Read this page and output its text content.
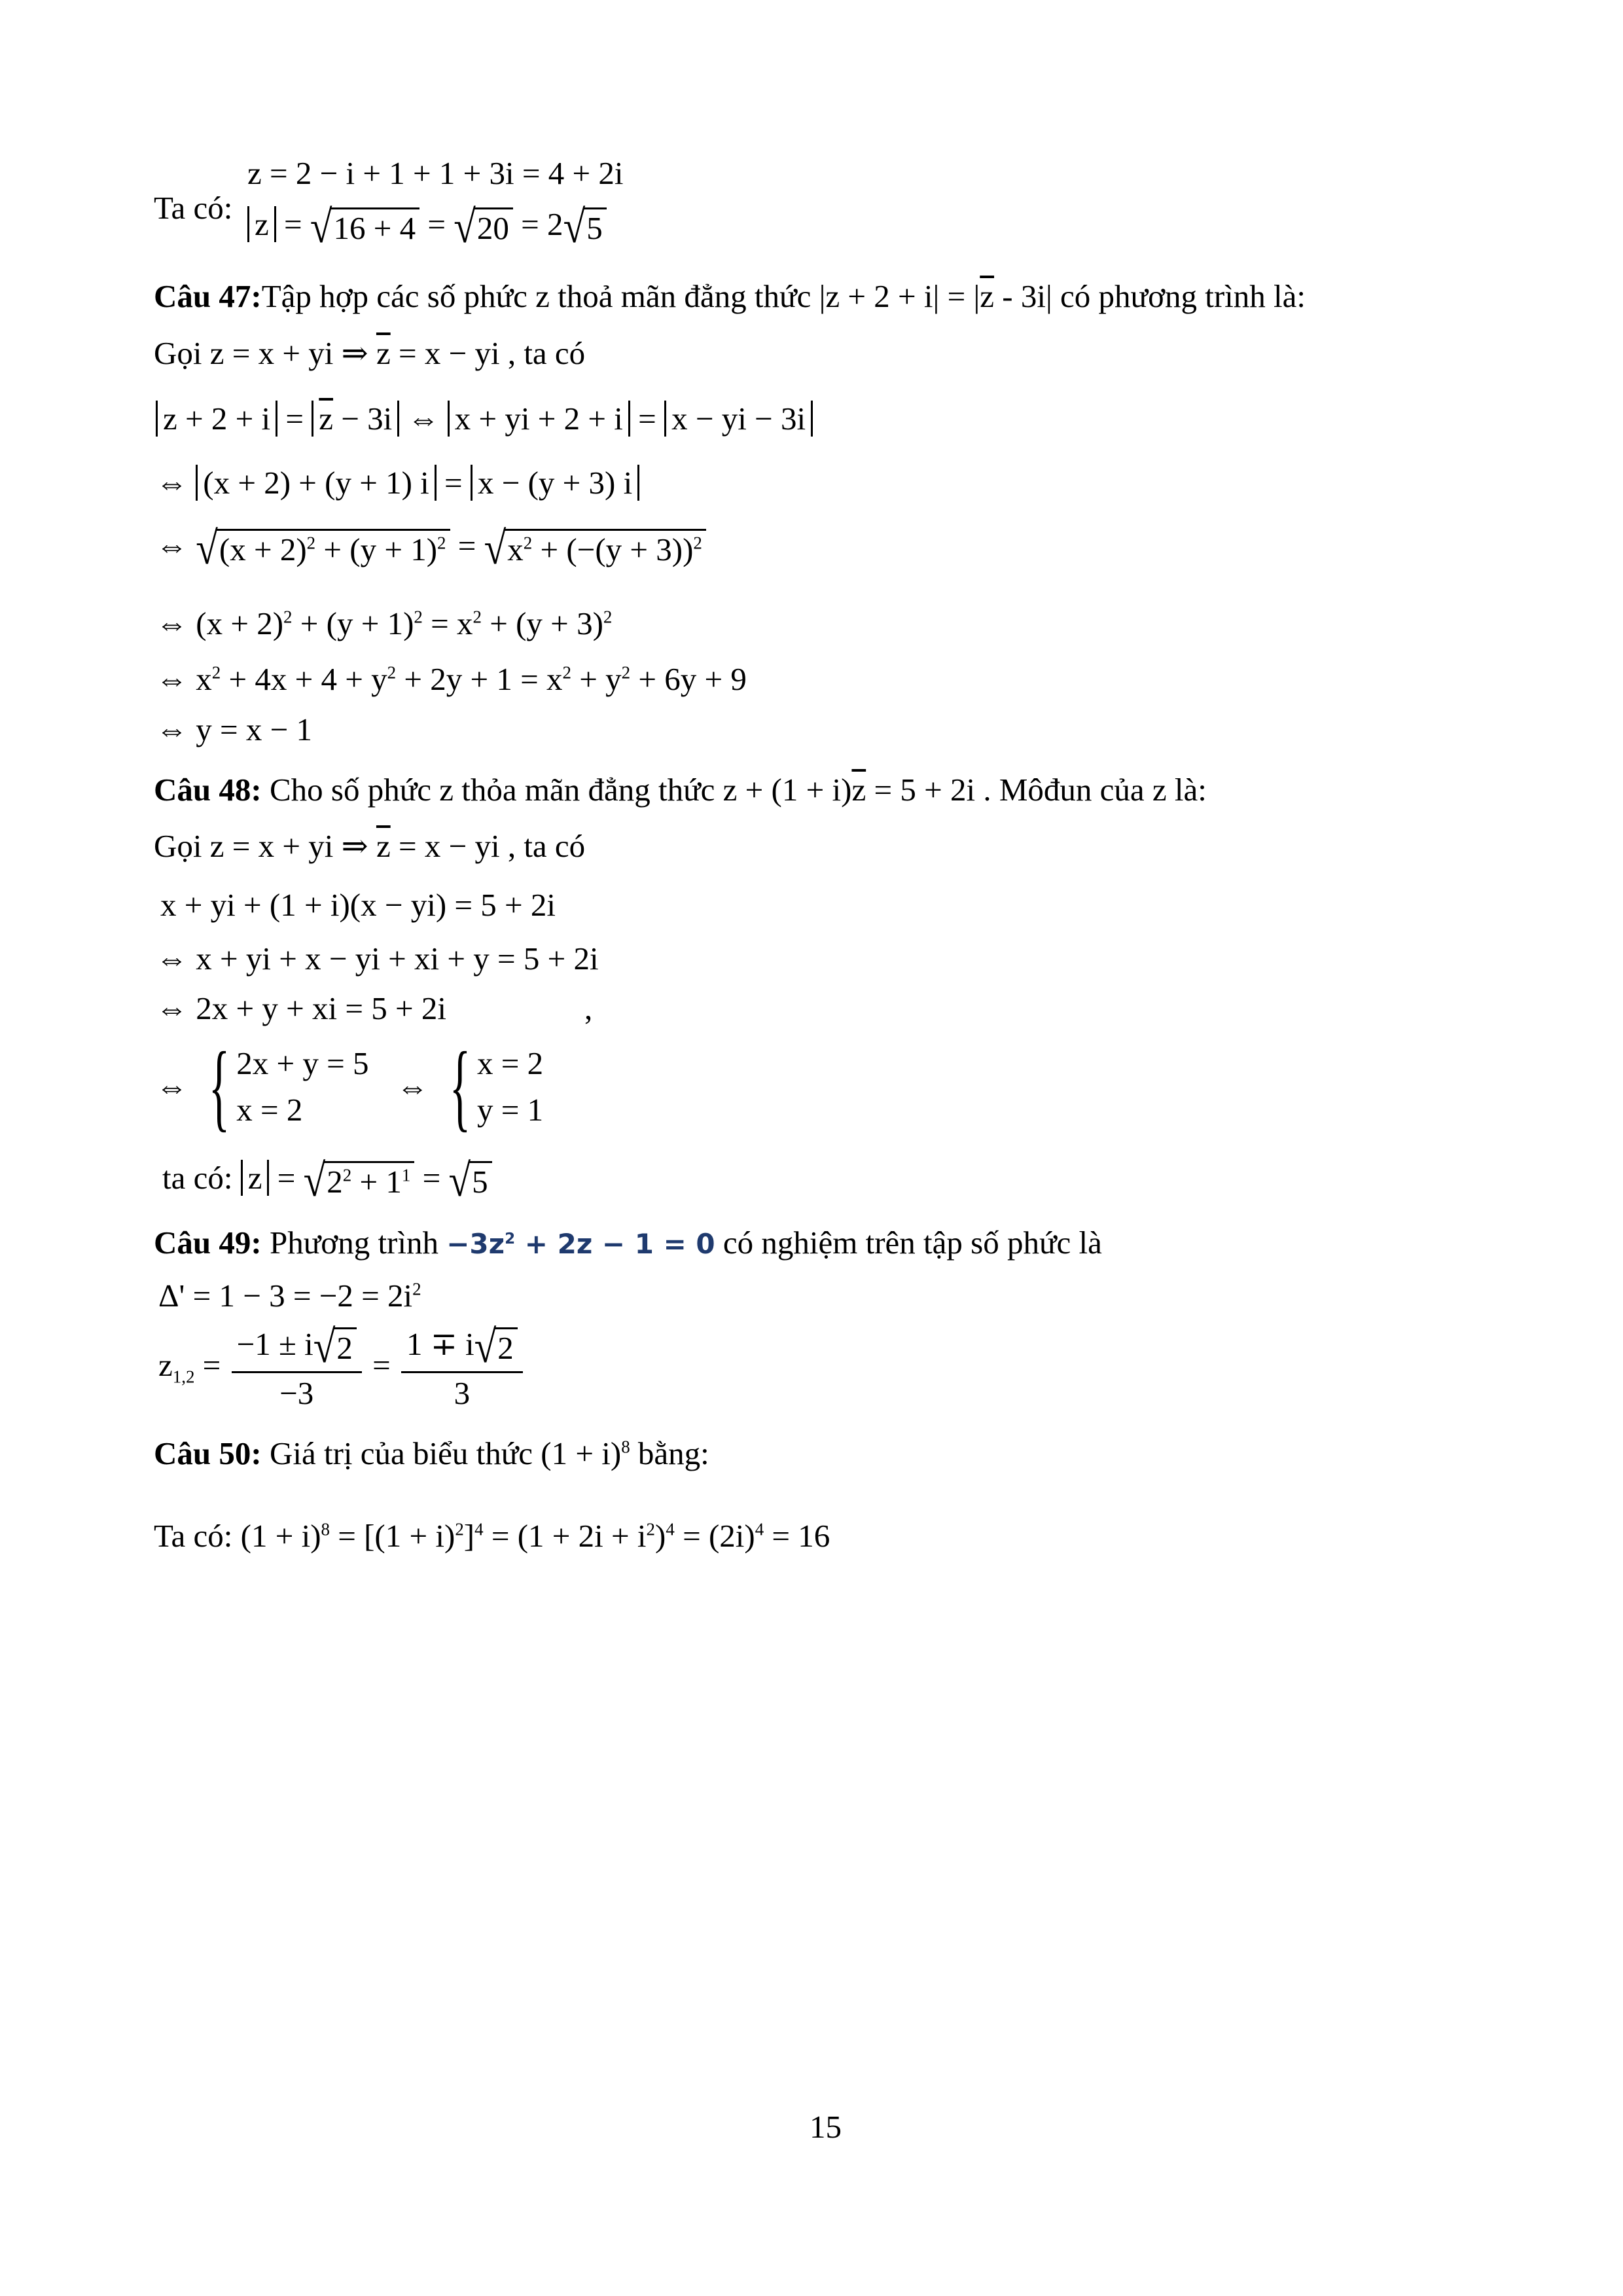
Ta có:
z = 2 − i + 1 + 1 + 3i = 4 + 2i
z = √ 16 + 4 = √ 20 = 2 √ 5
Câu 47:Tập hợp các số phức z thoả mãn đẳng thức $|z + 2 + i| = |\overline{z} - 3i|$ có phương trình là:
Gọi z = x + yi ⇒ $\overline{z} = x$ − yi , ta có
$z + 2 + i = \overline{z} - 3i$ ⇔ x + yi + 2 + i = x − yi − 3i
⇔ (x + 2) + (y + 1) i = x − (y + 3) i
⇔ √ $(x + 2)^2 + (y + 1)^2$ = √ $x^2 + (-(y + 3))^2$
⇔ $(x + 2)^2 + (y + 1)^2 = x^2 + (y + 3)^2$
⇔ $x^2 + 4x + 4 + y^2 + 2y + 1 = x^2 + y^2 + 6y + 9$
⇔ y = x − 1
Câu 48: Cho số phức z thỏa mãn đẳng thức $z + (1 + i)\overline{z} = 5 + 2i$ . Môđun của z là:
Gọi z = x + yi ⇒ $\overline{z} = x$ − yi , ta có
x + yi + (1 + i)(x − yi) = 5 + 2i
⇔ x + yi + x − yi + xi + y = 5 + 2i
⇔ 2x + y + xi = 5 + 2i	,
⇔ { 2x + y = 5
x = 2
⇔ { x = 2
y = 1
ta có: z = √ $2^2 + 1^1$ = √ 5
Câu 49: Phương trình $-3z^2 + 2z - 1 = 0$ có nghiệm trên tập số phức là
$\Delta' = 1 - 3 = -2 = 2i^2$
$z_{1,2} = \frac{-1 \pm i √ 2}{-3} = \frac{1 \mp i √ 2}{3}$
Câu 50: Giá trị của biểu thức $(1 + i)^8$ bằng:
Ta có: $(1 + i)^8 = [(1 + i)^2]^4 = (1 + 2i + i^2)^4 = (2i)^4 = 16$
15
